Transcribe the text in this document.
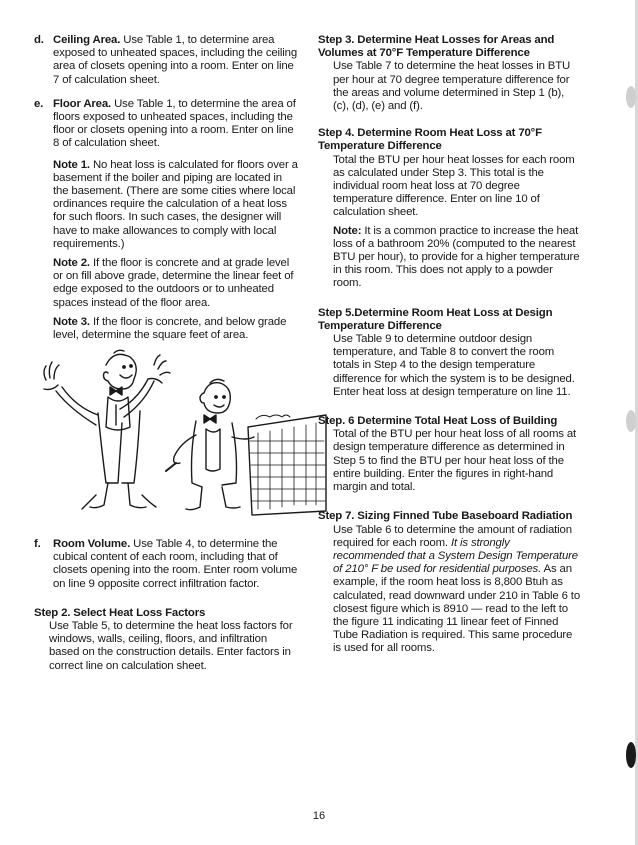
d. Ceiling Area. Use Table 1, to determine area exposed to unheated spaces, including the ceiling area of closets opening into a room. Enter on line 7 of calculation sheet.

e. Floor Area. Use Table 1, to determine the area of floors exposed to unheated spaces, including the floor or closets opening into a room. Enter on line 8 of calculation sheet.

Note 1. No heat loss is calculated for floors over a basement if the boiler and piping are located in the basement. (There are some cities where local ordinances require the calculation of a heat loss for such floors. In such cases, the designer will have to make allowances to comply with local requirements.)

Note 2. If the floor is concrete and at grade level or on fill above grade, determine the linear feet of edge exposed to the outdoors or to unheated spaces instead of the floor area.

Note 3. If the floor is concrete, and below grade level, determine the square feet of area.

f. Room Volume. Use Table 4, to determine the cubical content of each room, including that of closets opening into the room. Enter room volume on line 9 opposite correct infiltration factor.

Step 2. Select Heat Loss Factors

Use Table 5, to determine the heat loss factors for windows, walls, ceiling, floors, and infiltration based on the construction details. Enter factors in correct line on calculation sheet.

Step 3. Determine Heat Losses for Areas and Volumes at 70°F Temperature Difference

Use Table 7 to determine the heat losses in BTU per hour at 70 degree temperature difference for the areas and volume determined in Step 1 (b), (c), (d), (e) and (f).

Step 4. Determine Room Heat Loss at 70°F Temperature Difference

Total the BTU per hour heat losses for each room as calculated under Step 3. This total is the individual room heat loss at 70 degree temperature difference. Enter on line 10 of calculation sheet.

Note: It is a common practice to increase the heat loss of a bathroom 20% (computed to the nearest BTU per hour), to provide for a higher temperature in this room. This does not apply to a powder room.

Step 5.Determine Room Heat Loss at Design Temperature Difference

Use Table 9 to determine outdoor design temperature, and Table 8 to convert the room totals in Step 4 to the design temperature difference for which the system is to be designed. Enter heat loss at design temperature on line 11.

Step. 6 Determine Total Heat Loss of Building

Total of the BTU per hour heat loss of all rooms at design temperature difference as determined in Step 5 to find the BTU per hour heat loss of the entire building. Enter the figures in right-hand margin and total.

Step 7. Sizing Finned Tube Baseboard Radiation

Use Table 6 to determine the amount of radiation required for each room. It is strongly recommended that a System Design Temperature of 210° F be used for residential purposes. As an example, if the room heat loss is 8,800 Btuh as calculated, read downward under 210 in Table 6 to closest figure which is 8910 — read to the left to the figure 11 indicating 11 linear feet of Finned Tube Radiation is required. This same procedure is used for all rooms.

16
